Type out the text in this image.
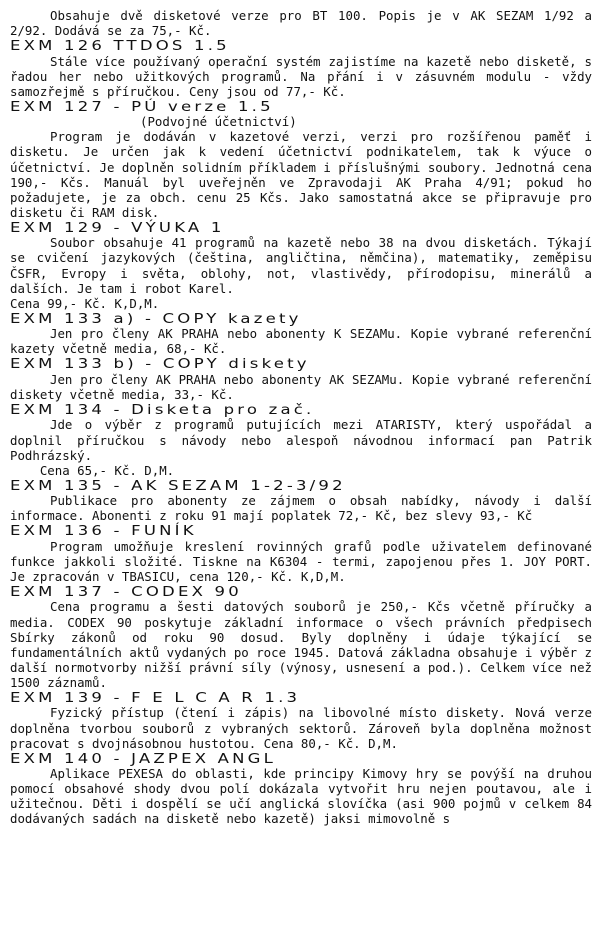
Obsahuje dvě disketové verze pro BT 100. Popis je v AK SEZAM 1/92 a 2/92. Dodává se za 75,- Kč.

EXM 126 TTDOS 1.5

Stále více používaný operační systém zajistíme na kazetě nebo disketě, s řadou her nebo užitkových programů. Na přání i v zásuvném modulu - vždy samozřejmě s příručkou. Ceny jsou od 77,- Kč.

EXM 127 - PÚ verze 1.5

(Podvojné účetnictví)

Program je dodáván v kazetové verzi, verzi pro rozšířenou paměť i disketu. Je určen jak k vedení účetnictví podnikatelem, tak k výuce o účetnictví. Je doplněn solidním příkladem i příslušnými soubory. Jednotná cena 190,- Kčs. Manuál byl uveřejněn ve Zpravodaji AK Praha 4/91; pokud ho požadujete, je za obch. cenu 25 Kčs. Jako samostatná akce se připravuje pro disketu či RAM disk.

EXM 129 - VÝUKA 1

Soubor obsahuje 41 programů na kazetě nebo 38 na dvou disketách. Týkají se cvičení jazykových (čeština, angličtina, němčina), matematiky, zeměpisu ČSFR, Evropy i světa, oblohy, not, vlastivědy, přírodopisu, minerálů a dalších. Je tam i robot Karel.

Cena 99,- Kč. K,D,M.

EXM 133 a) - COPY kazety

Jen pro členy AK PRAHA nebo abonenty K SEZAMu. Kopie vybrané referenční kazety včetně media, 68,- Kč.

EXM 133 b) - COPY diskety

Jen pro členy AK PRAHA nebo abonenty AK SEZAMu. Kopie vybrané referenční diskety včetně media, 33,- Kč.

EXM 134 - Disketa pro zač.

Jde o výběr z programů putujících mezi ATARISTY, který uspořádal a doplnil příručkou s návody nebo alespoň návodnou informací pan Patrik Podhrázský.

Cena 65,- Kč. D,M.

EXM 135 - AK SEZAM 1-2-3/92

Publikace pro abonenty ze zájmem o obsah nabídky, návody i další informace. Abonenti z roku 91 mají poplatek 72,- Kč, bez slevy 93,- Kč

EXM 136 - FUNÍK

Program umožňuje kreslení rovinných grafů podle uživatelem definované funkce jakkoli složité. Tiskne na K6304 - termi, zapojenou přes 1. JOY PORT. Je zpracován v TBASICU, cena 120,- Kč. K,D,M.

EXM 137 - CODEX 90

Cena programu a šesti datových souborů je 250,- Kčs včetně příručky a media. CODEX 90 poskytuje základní informace o všech právních předpisech Sbírky zákonů od roku 90 dosud. Byly doplněny i údaje týkající se fundamentálních aktů vydaných po roce 1945. Datová základna obsahuje i výběr z další normotvorby nižší právní síly (výnosy, usnesení a pod.). Celkem více než 1500 záznamů.

EXM 139 - F E L C A R 1.3

Fyzický přístup (čtení i zápis) na libovolné místo diskety. Nová verze doplněna tvorbou souborů z vybraných sektorů. Zároveň byla doplněna možnost pracovat s dvojnásobnou hustotou. Cena 80,- Kč. D,M.

EXM 140 - JAZPEX ANGL

Aplikace PEXESA do oblasti, kde principy Kimovy hry se povýší na druhou pomocí obsahové shody dvou polí dokázala vytvořit hru nejen poutavou, ale i užitečnou. Děti i dospělí se učí anglická slovíčka (asi 900 pojmů v celkem 84 dodávaných sadách na disketě nebo kazetě) jaksi mimovolně s
